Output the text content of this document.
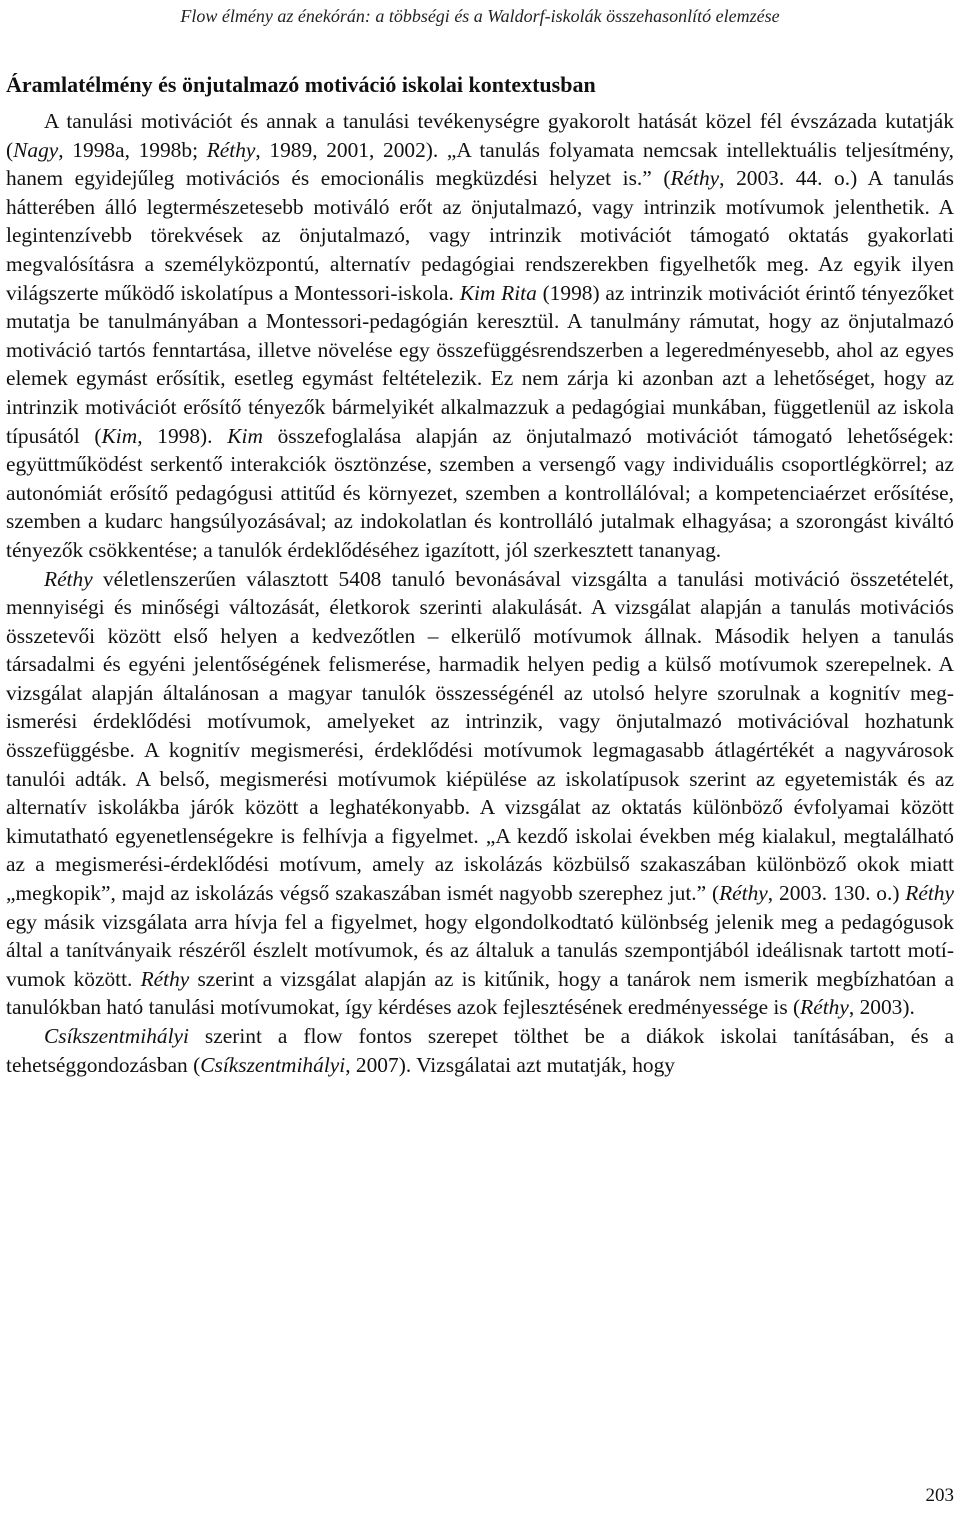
Flow élmény az énekórán: a többségi és a Waldorf-iskolák összehasonlító elemzése
Áramlatélmény és önjutalmazó motiváció iskolai kontextusban

A tanulási motivációt és annak a tanulási tevékenységre gyakorolt hatását közel fél évszázada kutatják (Nagy, 1998a, 1998b; Réthy, 1989, 2001, 2002). „A tanulás folyamata nemcsak intellektuális teljesítmény, hanem egyidejűleg motivációs és emocionális megküzdési helyzet is.” (Réthy, 2003. 44. o.) A tanulás hátterében álló legtermészetesebb motiváló erőt az önjutalmazó, vagy intrinzik motívumok jelenthetik. A legintenzívebb törekvések az önjutalmazó, vagy intrinzik motivációt támogató oktatás gyakorlati megvalósításra a személyközpontú, alternatív pedagógiai rendszerekben figyelhetők meg. Az egyik ilyen világszerte működő iskolatípus a Montessori-iskola. Kim Rita (1998) az intrinzik motivációt érintő tényezőket mutatja be tanulmányában a Montessori-pedagógián keresztül. A tanulmány rámutat, hogy az önjutalmazó motiváció tartós fenntartása, illetve növelése egy összefüggésrendszerben a legeredményesebb, ahol az egyes elemek egymást erősítik, esetleg egymást feltételezik. Ez nem zárja ki azonban azt a lehetőséget, hogy az intrinzik motivációt erősítő tényezők bármelyikét alkalmazzuk a pedagógiai munkában, függetlenül az iskola típusától (Kim, 1998). Kim összefoglalása alapján az önjutalmazó motivációt támogató lehetőségek: együttműködést serkentő interakciók ösztönzése, szemben a versengő vagy individuális csoportlégkörrel; az autonómiát erősítő pedagógusi attitűd és környezet, szemben a kontrollálóval; a kompetenciaérzet erősítése, szemben a kudarc hangsúlyozásával; az indokolatlan és kontrolláló jutalmak elhagyása; a szorongást kiváltó tényezők csökkentése; a tanulók érdeklődéséhez igazított, jól szerkesztett tananyag.

Réthy véletlenszerűen választott 5408 tanuló bevonásával vizsgálta a tanulási motiváció összetételét, mennyiségi és minőségi változását, életkorok szerinti alakulását. A vizsgálat alapján a tanulás motivációs összetevői között első helyen a kedvezőtlen – elkerülő motívumok állnak. Második helyen a tanulás társadalmi és egyéni jelentőségének felismerése, harmadik helyen pedig a külső motívumok szerepelnek. A vizsgálat alapján általánosan a magyar tanulók összességénél az utolsó helyre szorulnak a kognitív megismerési érdeklődési motívumok, amelyeket az intrinzik, vagy önjutalmazó motivációval hozhatunk összefüggésbe. A kognitív megismerési, érdeklődési motívumok legmagasabb átlagértékét a nagyvárosok tanulói adták. A belső, megismerési motívumok kiépülése az iskolatípusok szerint az egyetemisták és az alternatív iskolákba járók között a leghatékonyabb. A vizsgálat az oktatás különböző évfolyamai között kimutatható egyenetlenségekre is felhívja a figyelmet. „A kezdő iskolai években még kialakul, megtalálható az a megismerési-érdeklődési motívum, amely az iskolázás közbülső szakaszában különböző okok miatt „megkopik”, majd az iskolázás végső szakaszában ismét nagyobb szerephez jut.” (Réthy, 2003. 130. o.) Réthy egy másik vizsgálata arra hívja fel a figyelmet, hogy elgondolkodtató különbség jelenik meg a pedagógusok által a tanítványaik részéről észlelt motívumok, és az általuk a tanulás szempontjából ideálisnak tartott motívumok között. Réthy szerint a vizsgálat alapján az is kitűnik, hogy a tanárok nem ismerik megbízhatóan a tanulókban ható tanulási motívumokat, így kérdéses azok fejlesztésének eredményessége is (Réthy, 2003).

Csíkszentmihályi szerint a flow fontos szerepet tölthet be a diákok iskolai tanításában, és a tehetséggondozásban (Csíkszentmihályi, 2007). Vizsgálatai azt mutatják, hogy

203
